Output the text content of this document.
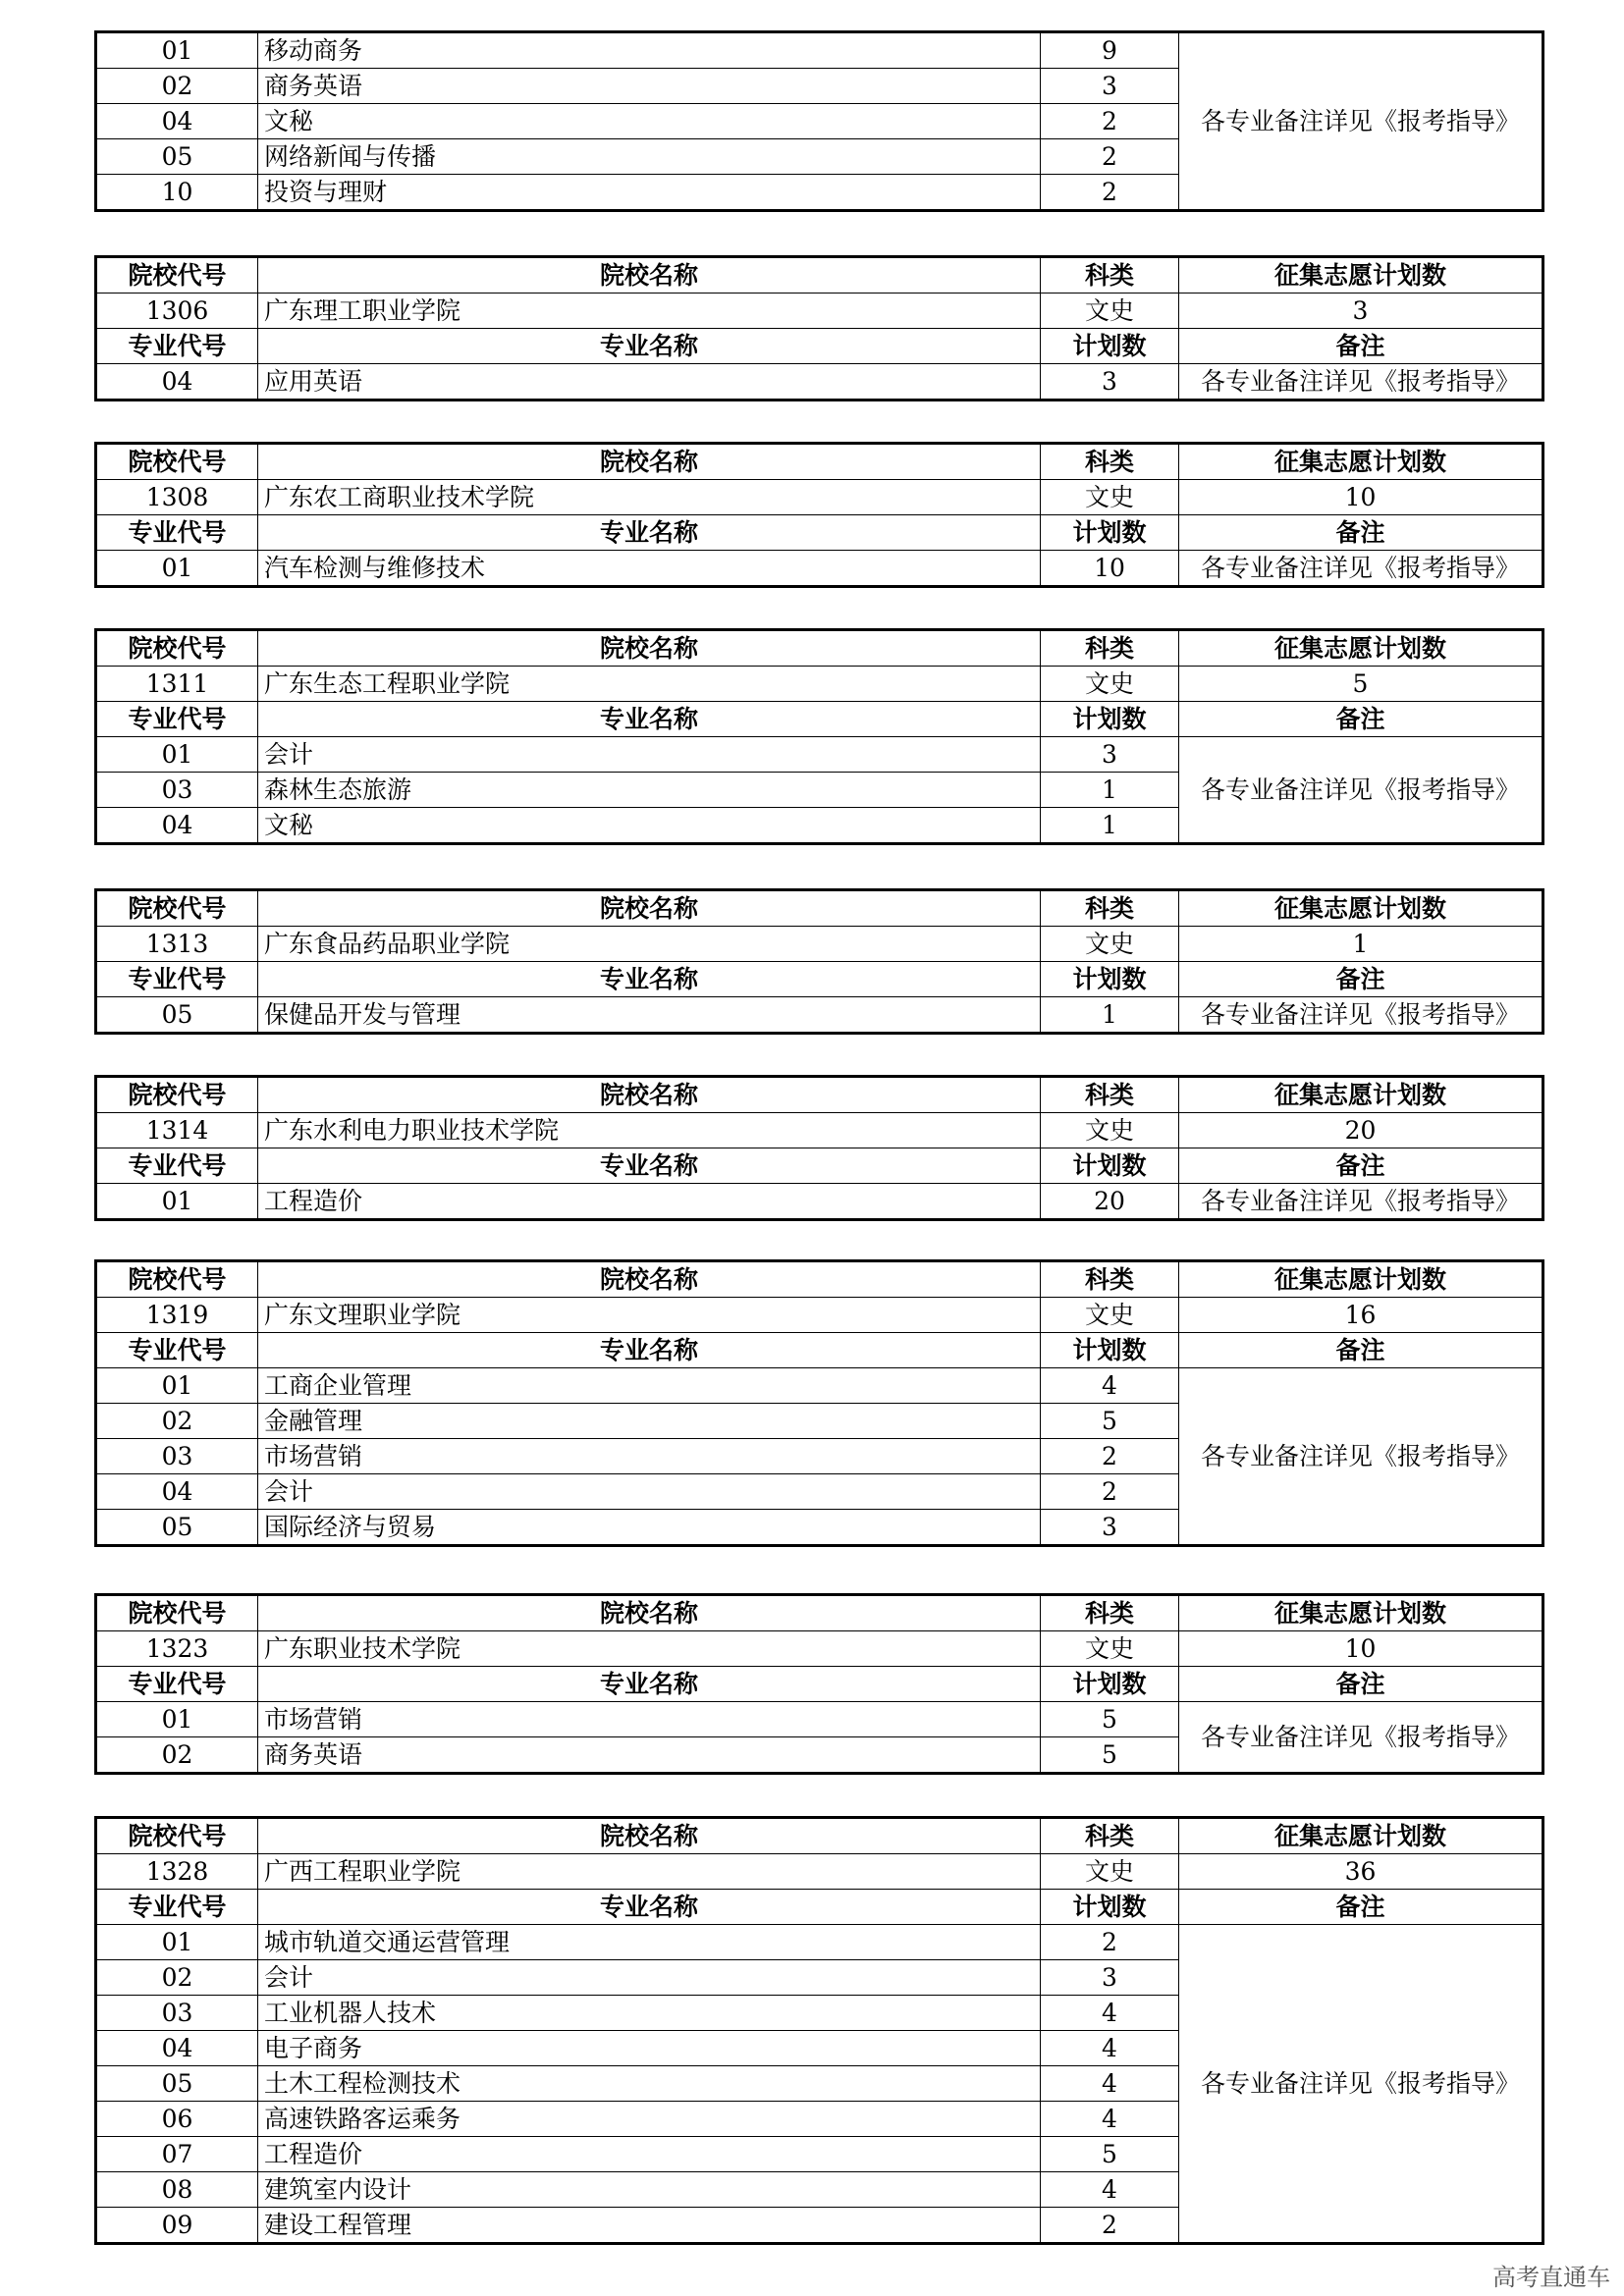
01	移动商务	9	各专业备注详见《报考指导》
02	商务英语	3	
04	文秘	2	
05	网络新闻与传播	2	
10	投资与理财	2	
院校代号	院校名称	科类	征集志愿计划数
1306	广东理工职业学院	文史	3
专业代号	专业名称	计划数	备注
04	应用英语	3	各专业备注详见《报考指导》
院校代号	院校名称	科类	征集志愿计划数
1308	广东农工商职业技术学院	文史	10
专业代号	专业名称	计划数	备注
01	汽车检测与维修技术	10	各专业备注详见《报考指导》
院校代号	院校名称	科类	征集志愿计划数
1311	广东生态工程职业学院	文史	5
专业代号	专业名称	计划数	备注
01	会计	3	各专业备注详见《报考指导》
03	森林生态旅游	1	
04	文秘	1	
院校代号	院校名称	科类	征集志愿计划数
1313	广东食品药品职业学院	文史	1
专业代号	专业名称	计划数	备注
05	保健品开发与管理	1	各专业备注详见《报考指导》
院校代号	院校名称	科类	征集志愿计划数
1314	广东水利电力职业技术学院	文史	20
专业代号	专业名称	计划数	备注
01	工程造价	20	各专业备注详见《报考指导》
院校代号	院校名称	科类	征集志愿计划数
1319	广东文理职业学院	文史	16
专业代号	专业名称	计划数	备注
01	工商企业管理	4	各专业备注详见《报考指导》
02	金融管理	5	
03	市场营销	2	
04	会计	2	
05	国际经济与贸易	3	
院校代号	院校名称	科类	征集志愿计划数
1323	广东职业技术学院	文史	10
专业代号	专业名称	计划数	备注
01	市场营销	5	各专业备注详见《报考指导》
02	商务英语	5	
院校代号	院校名称	科类	征集志愿计划数
1328	广西工程职业学院	文史	36
专业代号	专业名称	计划数	备注
01	城市轨道交通运营管理	2	各专业备注详见《报考指导》
02	会计	3	
03	工业机器人技术	4	
04	电子商务	4	
05	土木工程检测技术	4	
06	高速铁路客运乘务	4	
07	工程造价	5	
08	建筑室内设计	4	
09	建设工程管理	2	
高考直通车
